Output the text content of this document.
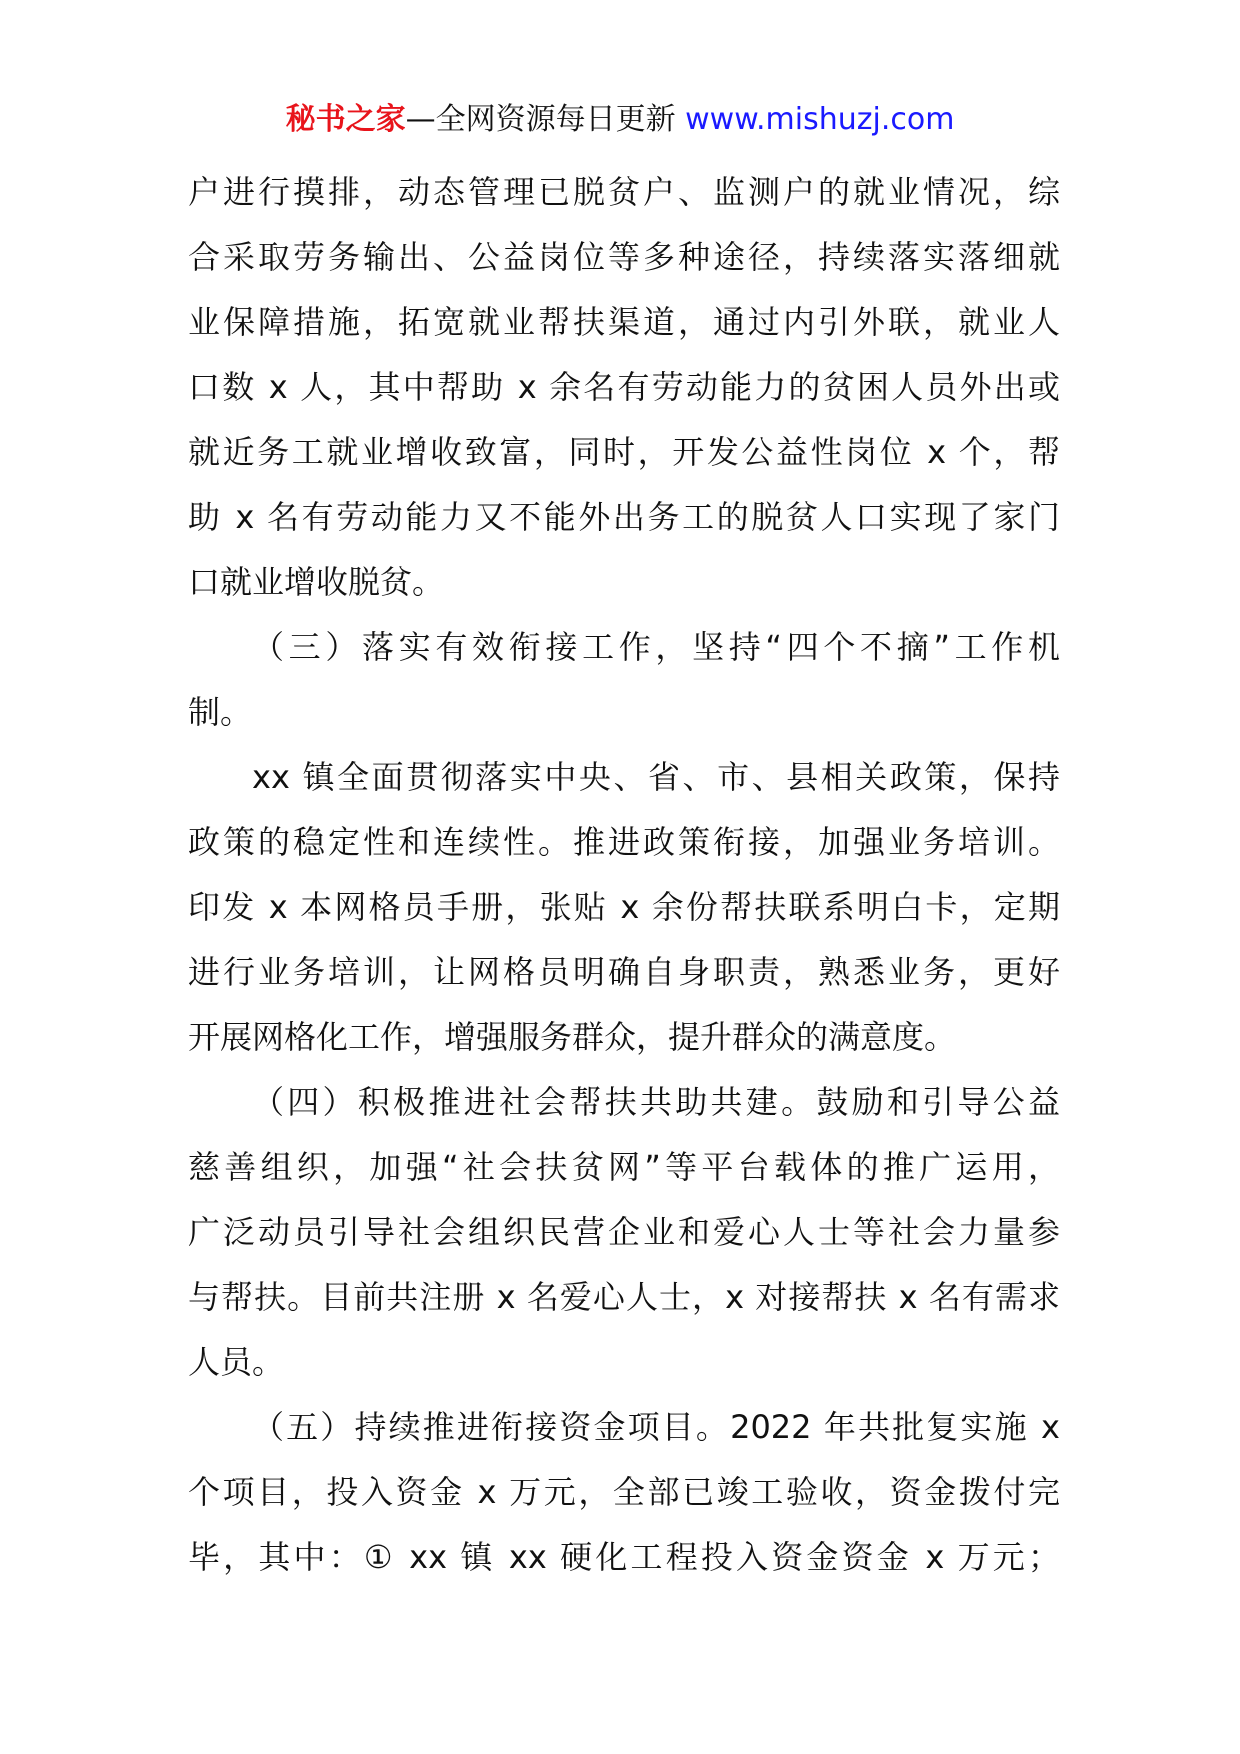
秘书之家—全网资源每日更新 www.mishuzj.com
户进行摸排，动态管理已脱贫户、监测户的就业情况，综
合采取劳务输出、公益岗位等多种途径，持续落实落细就
业保障措施，拓宽就业帮扶渠道，通过内引外联，就业人
口数 x 人，其中帮助 x 余名有劳动能力的贫困人员外出或
就近务工就业增收致富，同时，开发公益性岗位 x 个，帮
助 x 名有劳动能力又不能外出务工的脱贫人口实现了家门
口就业增收脱贫。
（三）落实有效衔接工作，坚持“四个不摘”工作机
制。
xx 镇全面贯彻落实中央、省、市、县相关政策，保持
政策的稳定性和连续性。推进政策衔接，加强业务培训。
印发 x 本网格员手册，张贴 x 余份帮扶联系明白卡，定期
进行业务培训，让网格员明确自身职责，熟悉业务，更好
开展网格化工作，增强服务群众，提升群众的满意度。
（四）积极推进社会帮扶共助共建。鼓励和引导公益
慈善组织，加强“社会扶贫网”等平台载体的推广运用，
广泛动员引导社会组织民营企业和爱心人士等社会力量参
与帮扶。目前共注册 x 名爱心人士，x 对接帮扶 x 名有需求
人员。
（五）持续推进衔接资金项目。2022 年共批复实施 x
个项目，投入资金 x 万元，全部已竣工验收，资金拨付完
毕，其中：① xx 镇 xx 硬化工程投入资金资金 x 万元；
